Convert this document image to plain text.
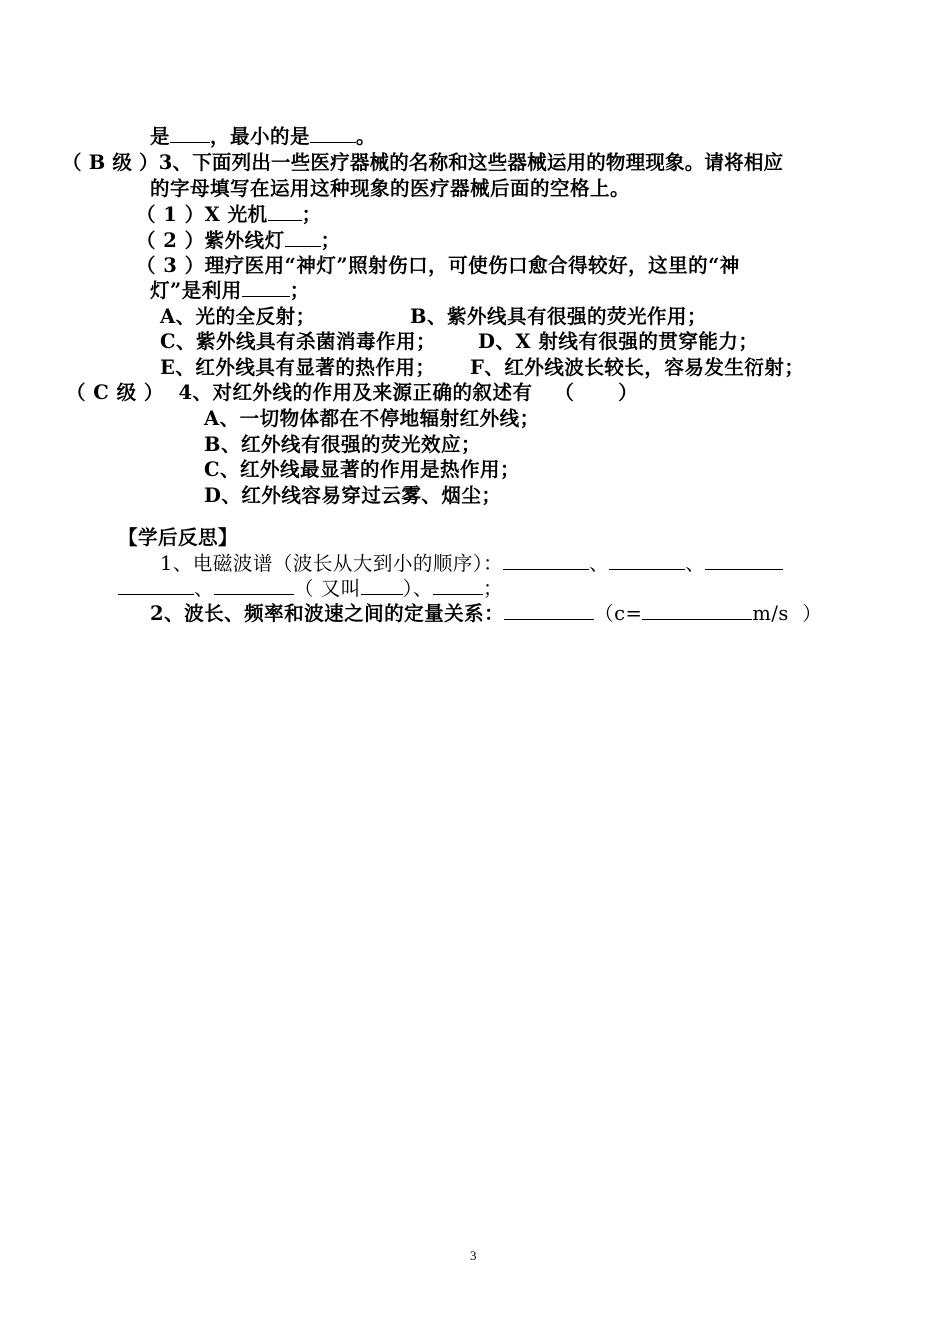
是 ，最小的是 。
（ B 级 ）3、下面列出一些医疗器械的名称和这些器械运用的物理现象。请将相应
的字母填写在运用这种现象的医疗器械后面的空格上。
（ 1 ）X 光机 ；
（ 2 ）紫外线灯 ；
（ 3 ）理疗医用“神灯”照射伤口，可使伤口愈合得较好，这里的“神
灯”是利用 ；
A、光的全反射；	B、紫外线具有很强的荧光作用；
C、紫外线具有杀菌消毒作用； D、X 射线有很强的贯穿能力；
E、红外线具有显著的热作用； F、红外线波长较长，容易发生衍射；
（ C 级 ） 4、对红外线的作用及来源正确的叙述有 （      ）
A、一切物体都在不停地辐射红外线；
B、红外线有很强的荧光效应；
C、红外线最显著的作用是热作用；
D、红外线容易穿过云雾、烟尘；
【学后反思】
1、电磁波谱（波长从大到小的顺序）：	、	、
、	（ 又叫 ）、	；
2、波长、频率和波速之间的定量关系：	（c=	m/s  ）
3
